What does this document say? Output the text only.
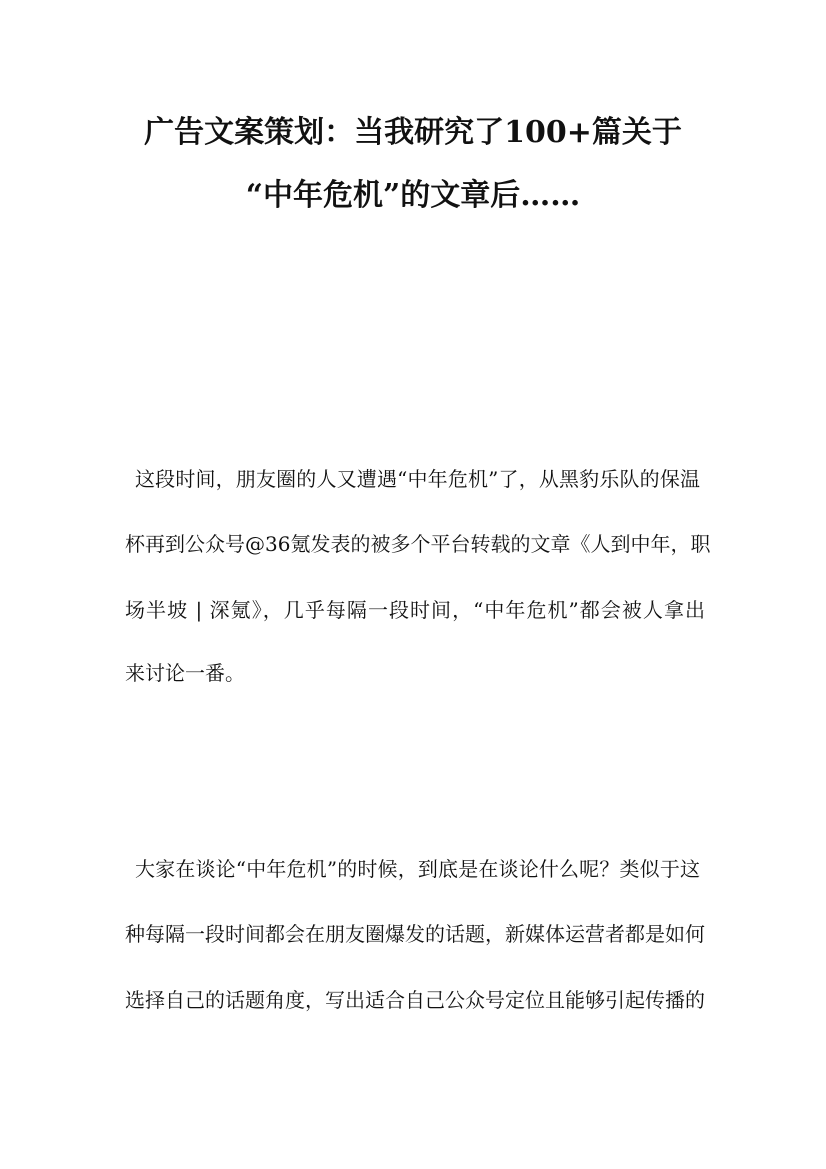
广告文案策划：当我研究了100+篇关于
“中年危机”的文章后……
这段时间，朋友圈的人又遭遇“中年危机”了，从黑豹乐队的保温
杯再到公众号@36氪发表的被多个平台转载的文章《人到中年，职
场半坡 | 深氪》，几乎每隔一段时间，“中年危机”都会被人拿出
来讨论一番。
大家在谈论“中年危机”的时候，到底是在谈论什么呢？类似于这
种每隔一段时间都会在朋友圈爆发的话题，新媒体运营者都是如何
选择自己的话题角度，写出适合自己公众号定位且能够引起传播的
